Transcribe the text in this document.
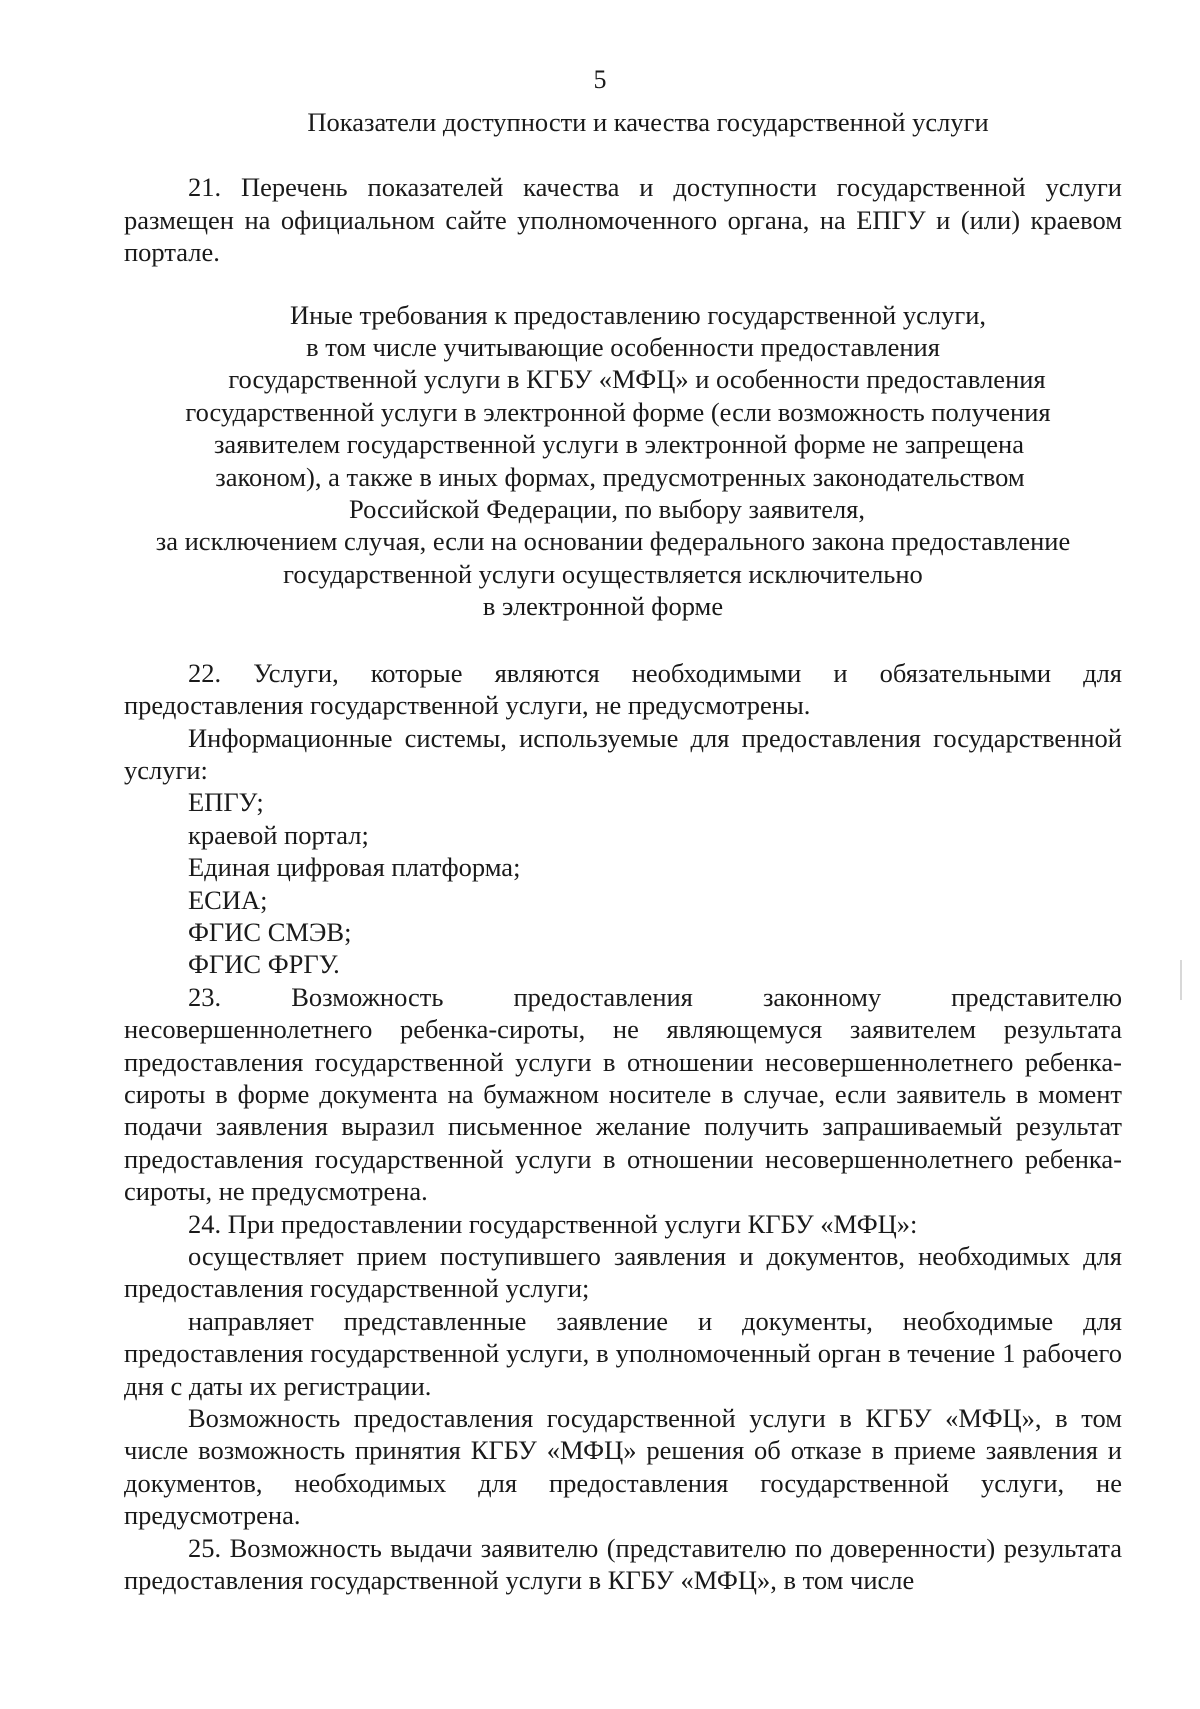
5

Показатели доступности и качества государственной услуги

21. Перечень показателей качества и доступности государственной услуги размещен на официальном сайте уполномоченного органа, на ЕПГУ и (или) краевом портале.

Иные требования к предоставлению государственной услуги,
в том числе учитывающие особенности предоставления
государственной услуги в КГБУ «МФЦ» и особенности предоставления
государственной услуги в электронной форме (если возможность получения
заявителем государственной услуги в электронной форме не запрещена
законом), а также в иных формах, предусмотренных законодательством
Российской Федерации, по выбору заявителя,
за исключением случая, если на основании федерального закона предоставление
государственной услуги осуществляется исключительно
в электронной форме

22. Услуги, которые являются необходимыми и обязательными для предоставления государственной услуги, не предусмотрены.

Информационные системы, используемые для предоставления государственной услуги:

ЕПГУ;

краевой портал;

Единая цифровая платформа;

ЕСИА;

ФГИС СМЭВ;

ФГИС ФРГУ.

23. Возможность предоставления законному представителю несовершеннолетнего ребенка-сироты, не являющемуся заявителем результата предоставления государственной услуги в отношении несовершеннолетнего ребенка-сироты в форме документа на бумажном носителе в случае, если заявитель в момент подачи заявления выразил письменное желание получить запрашиваемый результат предоставления государственной услуги в отношении несовершеннолетнего ребенка-сироты, не предусмотрена.

24. При предоставлении государственной услуги КГБУ «МФЦ»:

осуществляет прием поступившего заявления и документов, необходимых для предоставления государственной услуги;

направляет представленные заявление и документы, необходимые для предоставления государственной услуги, в уполномоченный орган в течение 1 рабочего дня с даты их регистрации.

Возможность предоставления государственной услуги в КГБУ «МФЦ», в том числе возможность принятия КГБУ «МФЦ» решения об отказе в приеме заявления и документов, необходимых для предоставления государственной услуги, не предусмотрена.

25. Возможность выдачи заявителю (представителю по доверенности) результата предоставления государственной услуги в КГБУ «МФЦ», в том числе
